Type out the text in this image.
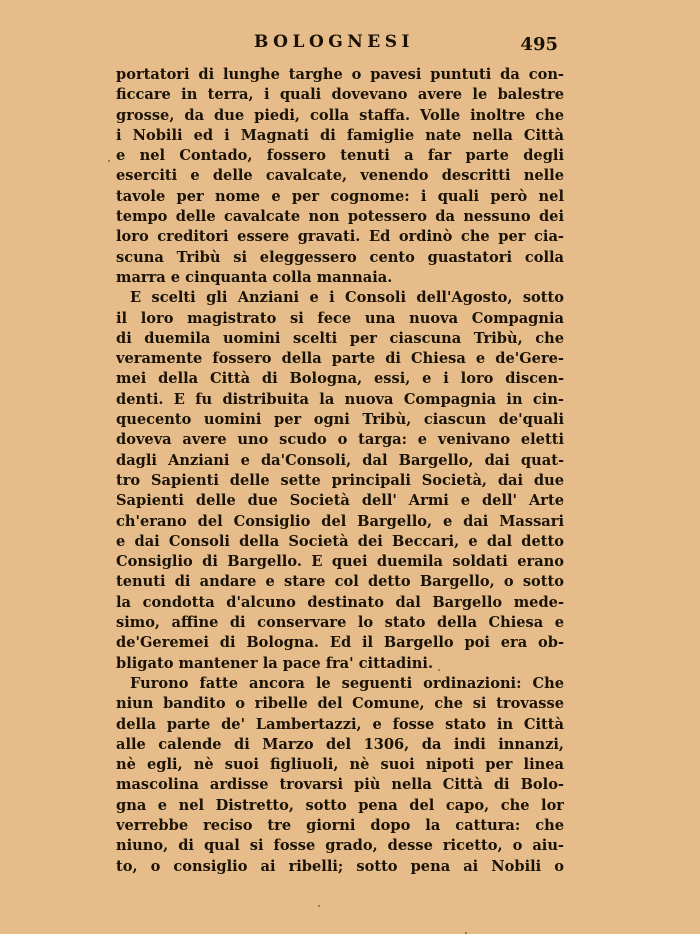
BOLOGNESI	495
portatori di lunghe targhe o pavesi puntuti da con-
ficcare in terra, i quali dovevano avere le balestre
grosse, da due piedi, colla staffa. Volle inoltre che
i Nobili ed i Magnati di famiglie nate nella Città
e nel Contado, fossero tenuti a far parte degli
eserciti e delle cavalcate, venendo descritti nelle
tavole per nome e per cognome: i quali però nel
tempo delle cavalcate non potessero da nessuno dei
loro creditori essere gravati. Ed ordinò che per cia-
scuna Tribù si eleggessero cento guastatori colla
marra e cinquanta colla mannaia.
E scelti gli Anziani e i Consoli dell'Agosto, sotto
il loro magistrato si fece una nuova Compagnia
di duemila uomini scelti per ciascuna Tribù, che
veramente fossero della parte di Chiesa e de'Gere-
mei della Città di Bologna, essi, e i loro discen-
denti. E fu distribuita la nuova Compagnia in cin-
quecento uomini per ogni Tribù, ciascun de'quali
doveva avere uno scudo o targa: e venivano eletti
dagli Anziani e da'Consoli, dal Bargello, dai quat-
tro Sapienti delle sette principali Società, dai due
Sapienti delle due Società dell' Armi e dell' Arte
ch'erano del Consiglio del Bargello, e dai Massari
e dai Consoli della Società dei Beccari, e dal detto
Consiglio di Bargello. E quei duemila soldati erano
tenuti di andare e stare col detto Bargello, o sotto
la condotta d'alcuno destinato dal Bargello mede-
simo, affine di conservare lo stato della Chiesa e
de'Geremei di Bologna. Ed il Bargello poi era ob-
bligato mantener la pace fra' cittadini.
Furono fatte ancora le seguenti ordinazioni: Che
niun bandito o ribelle del Comune, che si trovasse
della parte de' Lambertazzi, e fosse stato in Città
alle calende di Marzo del 1306, da indi innanzi,
nè egli, nè suoi figliuoli, nè suoi nipoti per linea
mascolina ardisse trovarsi più nella Città di Bolo-
gna e nel Distretto, sotto pena del capo, che lor
verrebbe reciso tre giorni dopo la cattura: che
niuno, di qual si fosse grado, desse ricetto, o aiu-
to, o consiglio ai ribelli; sotto pena ai Nobili o
